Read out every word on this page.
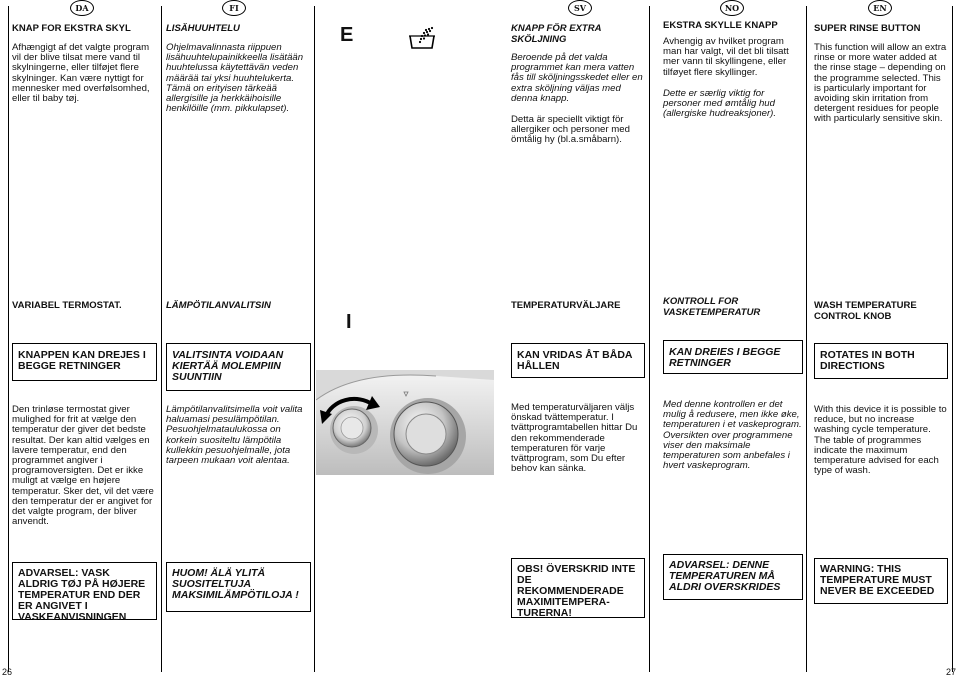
DA
KNAP FOR EKSTRA SKYL
Afhængigt af det valgte program vil der blive tilsat mere vand til skylningerne, eller tilføjet flere skylninger. Kan være nyttigt for mennesker med overfølsomhed, eller til baby tøj.
VARIABEL TERMOSTAT.
KNAPPEN KAN DREJES I BEGGE RETNINGER
Den trinløse termostat giver mulighed for frit at vælge den temperatur der giver det bedste resultat. Der kan altid vælges en lavere temperatur, end den programmet angiver i programoversigten. Det er ikke muligt at vælge en højere temperatur. Sker det, vil det være den temperatur der er angivet for det valgte program, der bliver anvendt.
ADVARSEL: VASK ALDRIG TØJ PÅ HØJERE TEMPERATUR END DER ER ANGIVET I VASKEANVISNINGEN
FI
LISÄHUUHTELU
Ohjelmavalinnasta riippuen lisähuuhtelupainikkeella lisätään huuhtelussa käytettävän veden määrää tai yksi huuhtelukerta. Tämä on erityisen tärkeää allergisille ja herkkäihoisille henkilöille (mm. pikkulapset).
LÄMPÖTILANVALITSIN
VALITSINTA VOIDAAN KIERTÄÄ MOLEMPIIN SUUNTIIN
Lämpötilanvalitsimella voit valita haluamasi pesulämpötilan. Pesuohjelmataulukossa on korkein suositeltu lämpötila kullekkin pesuohjelmalle, jota tarpeen mukaan voit alentaa.
HUOM! ÄLÄ YLITÄ SUOSITELTUJA MAKSIMILÄMPÖTILOJA !
E
I
SV
KNAPP FÖR EXTRA SKÖLJNING
Beroende på det valda programmet kan mera vatten fås till sköljningsskedet eller en extra sköljning väljas med denna knapp.
Detta är speciellt viktigt för allergiker och personer med ömtålig hy (bl.a.småbarn).
TEMPERATURVÄLJARE
KAN VRIDAS ÅT BÅDA HÅLLEN
Med temperaturväljaren väljs önskad tvättemperatur. I tvättprogramtabellen hittar Du den rekommenderade temperaturen för varje tvättprogram, som Du efter behov kan sänka.
OBS! ÖVERSKRID INTE DE REKOMMENDERADE MAXIMITEMPERA-TURERNA!
NO
EKSTRA SKYLLE KNAPP
Avhengig av hvilket program man har valgt, vil det bli tilsatt mer vann til skyllingene, eller tilføyet flere skyllinger.
Dette er særlig viktig for personer med ømtålig hud (allergiske hudreaksjoner).
KONTROLL FOR VASKETEMPERATUR
KAN DREIES I BEGGE RETNINGER
Med denne kontrollen er det mulig å redusere, men ikke øke, temperaturen i et vaskeprogram. Oversikten over programmene viser den maksimale temperaturen som anbefales i hvert vaskeprogram.
ADVARSEL: DENNE TEMPERATUREN MÅ ALDRI OVERSKRIDES
EN
SUPER RINSE BUTTON
This function will allow an extra rinse or more water added at the rinse stage – depending on the programme selected. This is particularly important for avoiding skin irritation from detergent residues for people with particularly sensitive skin.
WASH TEMPERATURE CONTROL KNOB
ROTATES IN BOTH DIRECTIONS
With this device it is possible to reduce, but no increase washing cycle temperature. The table of programmes indicate the maximum temperature advised for each type of wash.
WARNING: THIS TEMPERATURE MUST NEVER BE EXCEEDED
26	27
